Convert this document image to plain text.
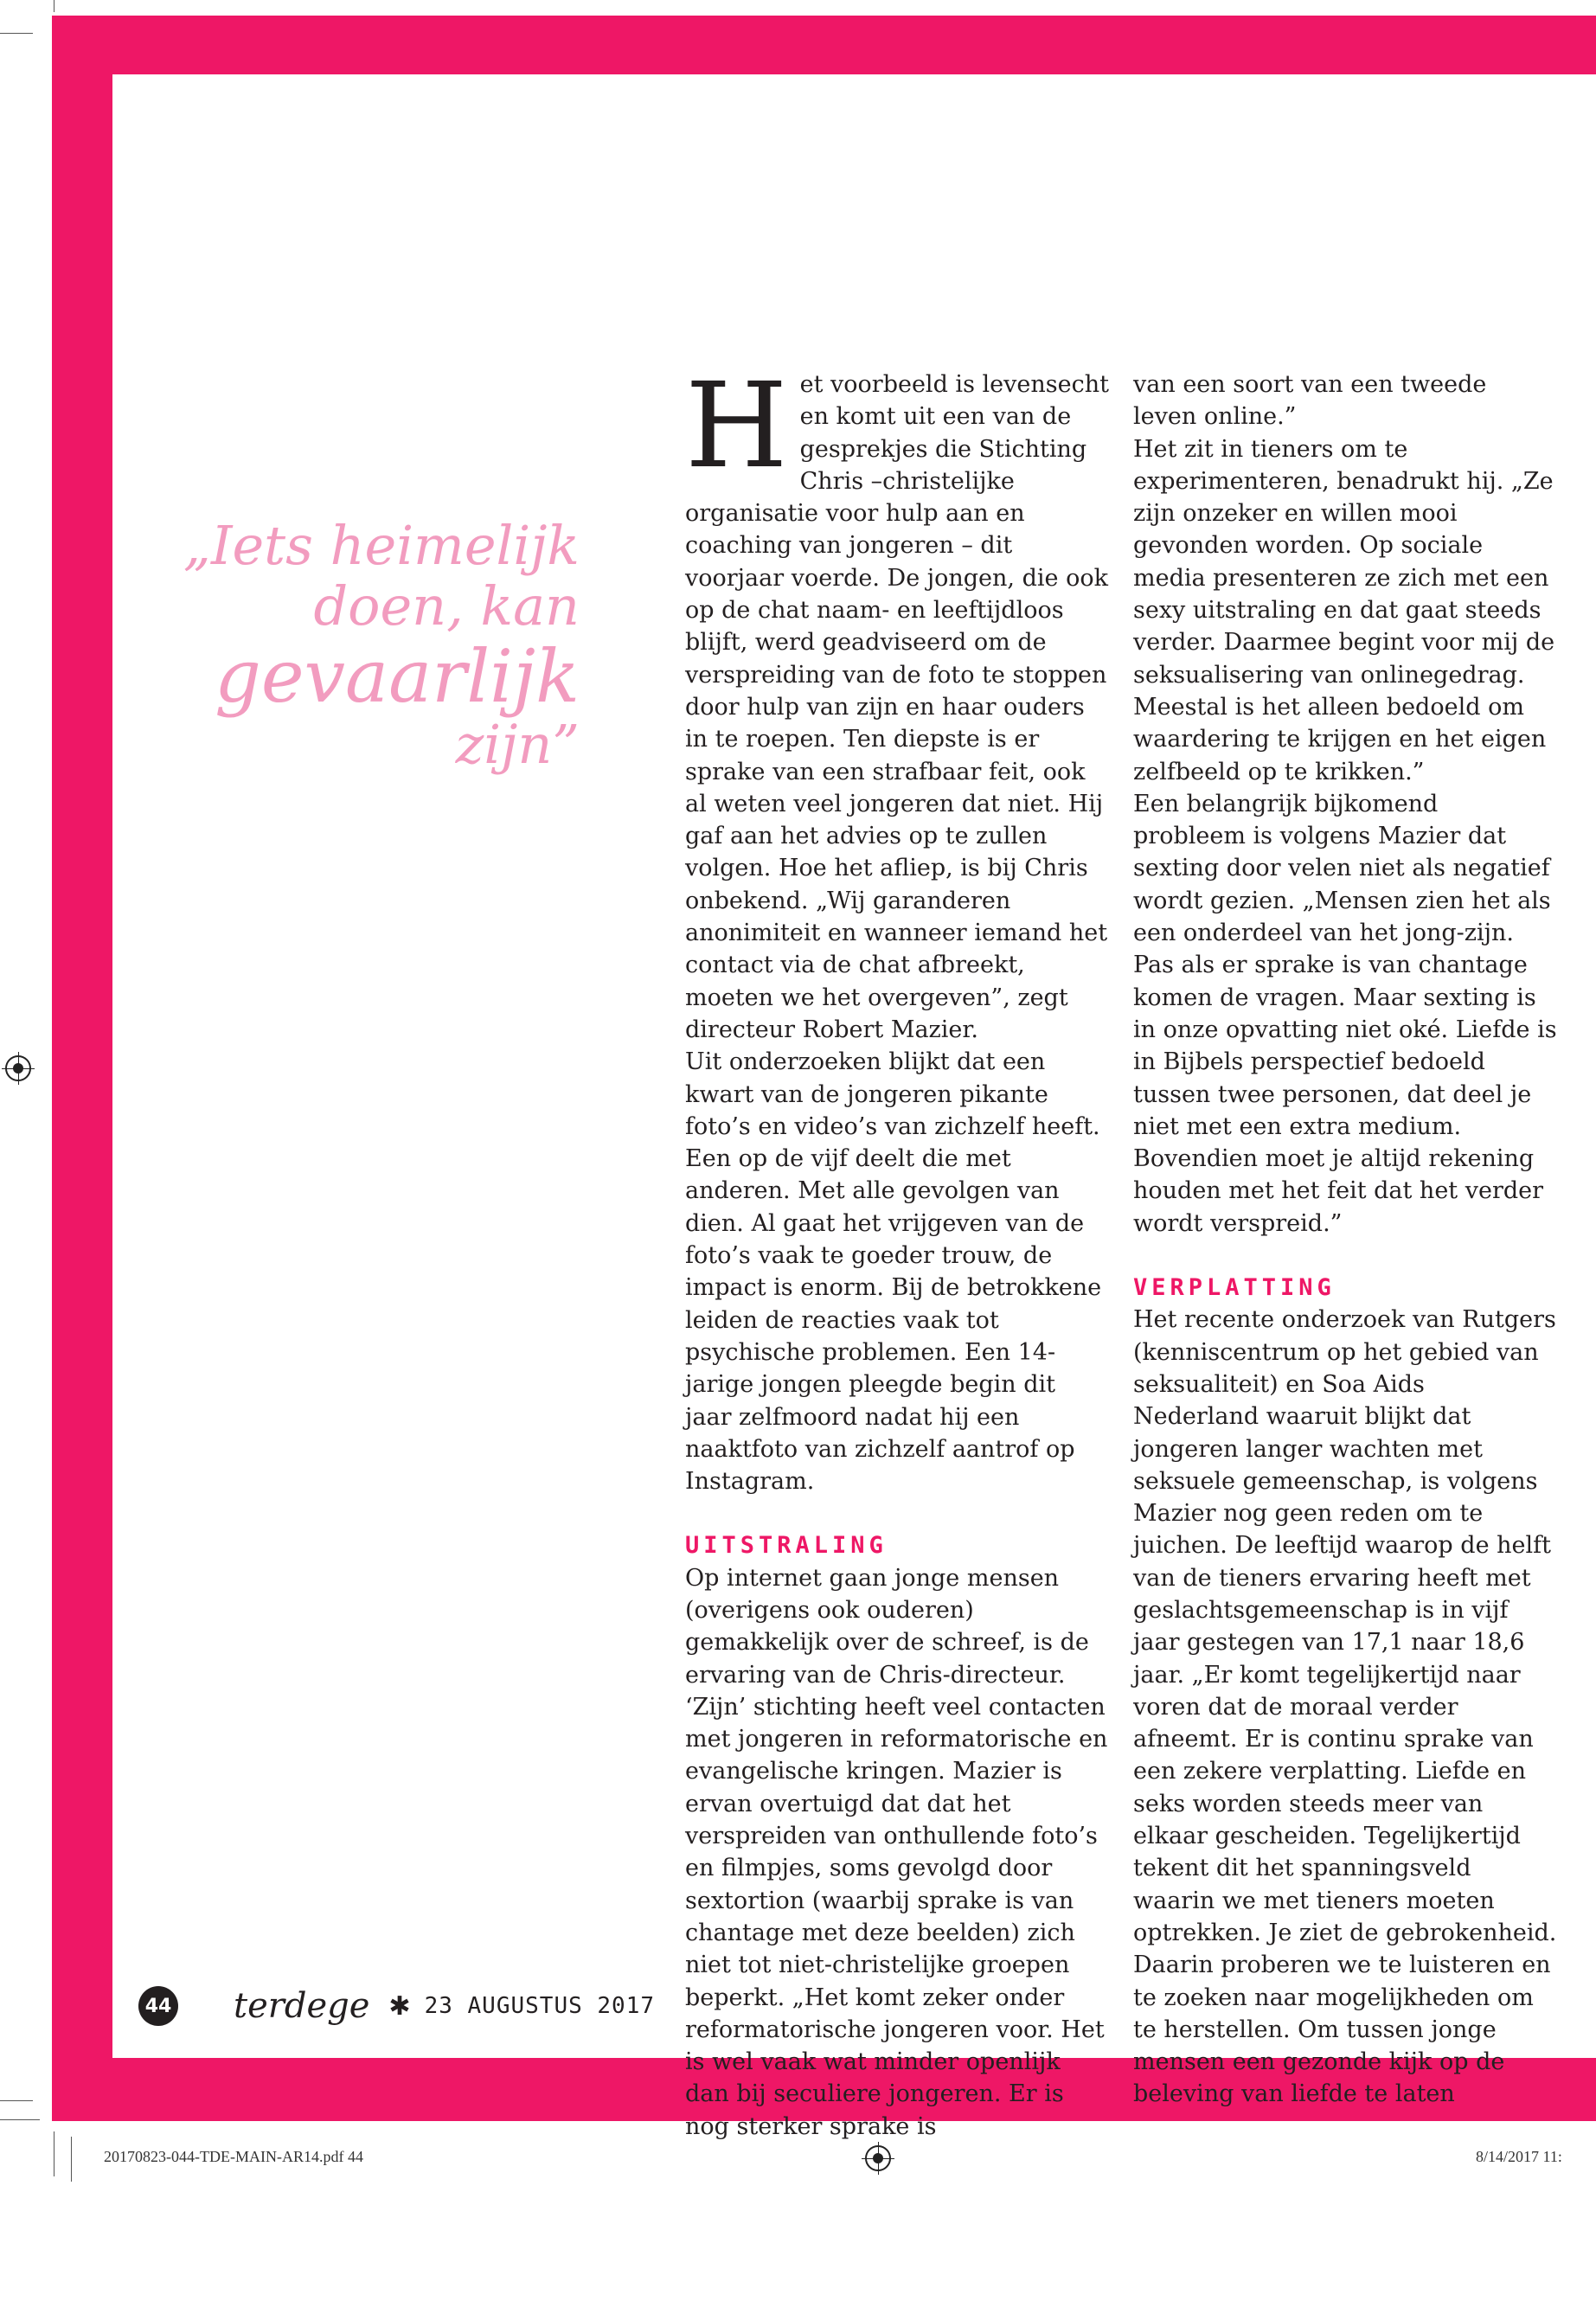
„Iets heimelijk
doen, kan
gevaarlijk
zijn”

Het voorbeeld is levensecht en komt uit een van de gesprekjes die Stichting Chris –christelijke organisatie voor hulp aan en coaching van jongeren – dit voorjaar voerde. De jongen, die ook op de chat naam- en leeftijdloos blijft, werd geadviseerd om de verspreiding van de foto te stoppen door hulp van zijn en haar ouders in te roepen. Ten diepste is er sprake van een strafbaar feit, ook al weten veel jongeren dat niet. Hij gaf aan het advies op te zullen volgen. Hoe het afliep, is bij Chris onbekend. „Wij garanderen anonimiteit en wanneer iemand het contact via de chat afbreekt, moeten we het overgeven”, zegt directeur Robert Mazier.

Uit onderzoeken blijkt dat een kwart van de jongeren pikante foto’s en video’s van zichzelf heeft. Een op de vijf deelt die met anderen. Met alle gevolgen van dien. Al gaat het vrijgeven van de foto’s vaak te goeder trouw, de impact is enorm. Bij de betrokkene leiden de reacties vaak tot psychische problemen. Een 14-jarige jongen pleegde begin dit jaar zelfmoord nadat hij een naaktfoto van zichzelf aantrof op Instagram.

UITSTRALING

Op internet gaan jonge mensen (overigens ook ouderen) gemakkelijk over de schreef, is de ervaring van de Chris-directeur. ‘Zijn’ stichting heeft veel contacten met jongeren in reformatorische en evangelische kringen. Mazier is ervan overtuigd dat dat het verspreiden van onthullende foto’s en filmpjes, soms gevolgd door sextortion (waarbij sprake is van chantage met deze beelden) zich niet tot niet-christelijke groepen beperkt. „Het komt zeker onder reformatorische jongeren voor. Het is wel vaak wat minder openlijk dan bij seculiere jongeren. Er is nog sterker sprake is

van een soort van een tweede leven online.”

Het zit in tieners om te experimenteren, benadrukt hij. „Ze zijn onzeker en willen mooi gevonden worden. Op sociale media presenteren ze zich met een sexy uitstraling en dat gaat steeds verder. Daarmee begint voor mij de seksualisering van onlinegedrag. Meestal is het alleen bedoeld om waardering te krijgen en het eigen zelfbeeld op te krikken.”

Een belangrijk bijkomend probleem is volgens Mazier dat sexting door velen niet als negatief wordt gezien. „Mensen zien het als een onderdeel van het jong-zijn. Pas als er sprake is van chantage komen de vragen. Maar sexting is in onze opvatting niet oké. Liefde is in Bijbels perspectief bedoeld tussen twee personen, dat deel je niet met een extra medium. Bovendien moet je altijd rekening houden met het feit dat het verder wordt verspreid.”

VERPLATTING

Het recente onderzoek van Rutgers (kenniscentrum op het gebied van seksualiteit) en Soa Aids Nederland waaruit blijkt dat jongeren langer wachten met seksuele gemeenschap, is volgens Mazier nog geen reden om te juichen. De leeftijd waarop de helft van de tieners ervaring heeft met geslachtsgemeenschap is in vijf jaar gestegen van 17,1 naar 18,6 jaar. „Er komt tegelijkertijd naar voren dat de moraal verder afneemt. Er is continu sprake van een zekere verplatting. Liefde en seks worden steeds meer van elkaar gescheiden. Tegelijkertijd tekent dit het spanningsveld waarin we met tieners moeten optrekken. Je ziet de gebrokenheid. Daarin proberen we te luisteren en te zoeken naar mogelijkheden om te herstellen. Om tussen jonge mensen een gezonde kijk op de beleving van liefde te laten

44 terdege ✱ 23 AUGUSTUS 2017
20170823-044-TDE-MAIN-AR14.pdf 44	8/14/2017 11:
